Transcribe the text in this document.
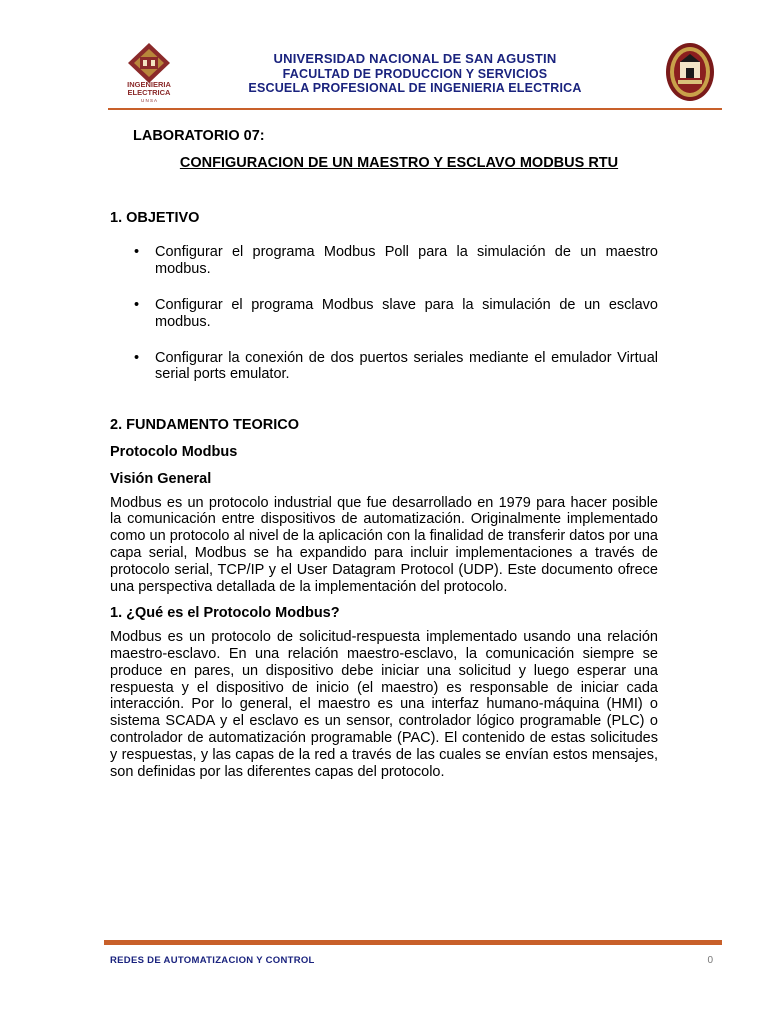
INGENIERIA
ELECTRICA
U N S A
UNIVERSIDAD NACIONAL DE SAN AGUSTIN
FACULTAD DE PRODUCCION Y SERVICIOS
ESCUELA PROFESIONAL DE INGENIERIA ELECTRICA
LABORATORIO 07:
CONFIGURACION DE UN MAESTRO Y ESCLAVO MODBUS RTU
1. OBJETIVO
• Configurar el programa Modbus Poll para la simulación de un maestro modbus.
• Configurar el programa Modbus slave para la simulación de un esclavo modbus.
• Configurar la conexión de dos puertos seriales mediante el emulador Virtual serial ports emulator.
2. FUNDAMENTO TEORICO
Protocolo Modbus
Visión General

Modbus es un protocolo industrial que fue desarrollado en 1979 para hacer posible la comunicación entre dispositivos de automatización. Originalmente implementado como un protocolo al nivel de la aplicación con la finalidad de transferir datos por una capa serial, Modbus se ha expandido para incluir implementaciones a través de protocolo serial, TCP/IP y el User Datagram Protocol (UDP). Este documento ofrece una perspectiva detallada de la implementación del protocolo.

1. ¿Qué es el Protocolo Modbus?

Modbus es un protocolo de solicitud-respuesta implementado usando una relación maestro-esclavo. En una relación maestro-esclavo, la comunicación siempre se produce en pares, un dispositivo debe iniciar una solicitud y luego esperar una respuesta y el dispositivo de inicio (el maestro) es responsable de iniciar cada interacción. Por lo general, el maestro es una interfaz humano-máquina (HMI) o sistema SCADA y el esclavo es un sensor, controlador lógico programable (PLC) o controlador de automatización programable (PAC). El contenido de estas solicitudes y respuestas, y las capas de la red a través de las cuales se envían estos mensajes, son definidas por las diferentes capas del protocolo.

REDES DE AUTOMATIZACION Y CONTROL	0
